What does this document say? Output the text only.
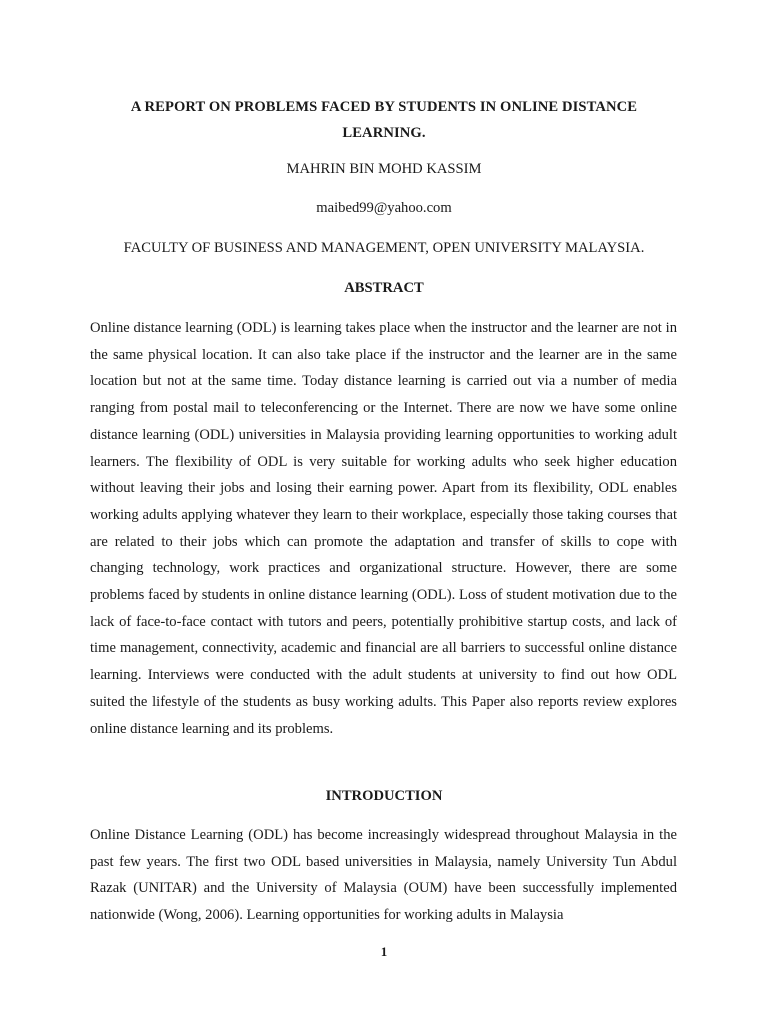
A REPORT ON PROBLEMS FACED BY STUDENTS IN ONLINE DISTANCE LEARNING.
MAHRIN BIN MOHD KASSIM
maibed99@yahoo.com
FACULTY OF BUSINESS AND MANAGEMENT, OPEN UNIVERSITY MALAYSIA.
ABSTRACT

Online distance learning (ODL) is learning takes place when the instructor and the learner are not in the same physical location. It can also take place if the instructor and the learner are in the same location but not at the same time. Today distance learning is carried out via a number of media ranging from postal mail to teleconferencing or the Internet. There are now we have some online distance learning (ODL) universities in Malaysia providing learning opportunities to working adult learners. The flexibility of ODL is very suitable for working adults who seek higher education without leaving their jobs and losing their earning power. Apart from its flexibility, ODL enables working adults applying whatever they learn to their workplace, especially those taking courses that are related to their jobs which can promote the adaptation and transfer of skills to cope with changing technology, work practices and organizational structure. However, there are some problems faced by students in online distance learning (ODL). Loss of student motivation due to the lack of face-to-face contact with tutors and peers, potentially prohibitive startup costs, and lack of time management, connectivity, academic and financial are all barriers to successful online distance learning. Interviews were conducted with the adult students at university to find out how ODL suited the lifestyle of the students as busy working adults. This Paper also reports review explores online distance learning and its problems.

INTRODUCTION

Online Distance Learning (ODL) has become increasingly widespread throughout Malaysia in the past few years. The first two ODL based universities in Malaysia, namely University Tun Abdul Razak (UNITAR) and the University of Malaysia (OUM) have been successfully implemented nationwide (Wong, 2006). Learning opportunities for working adults in Malaysia

1
